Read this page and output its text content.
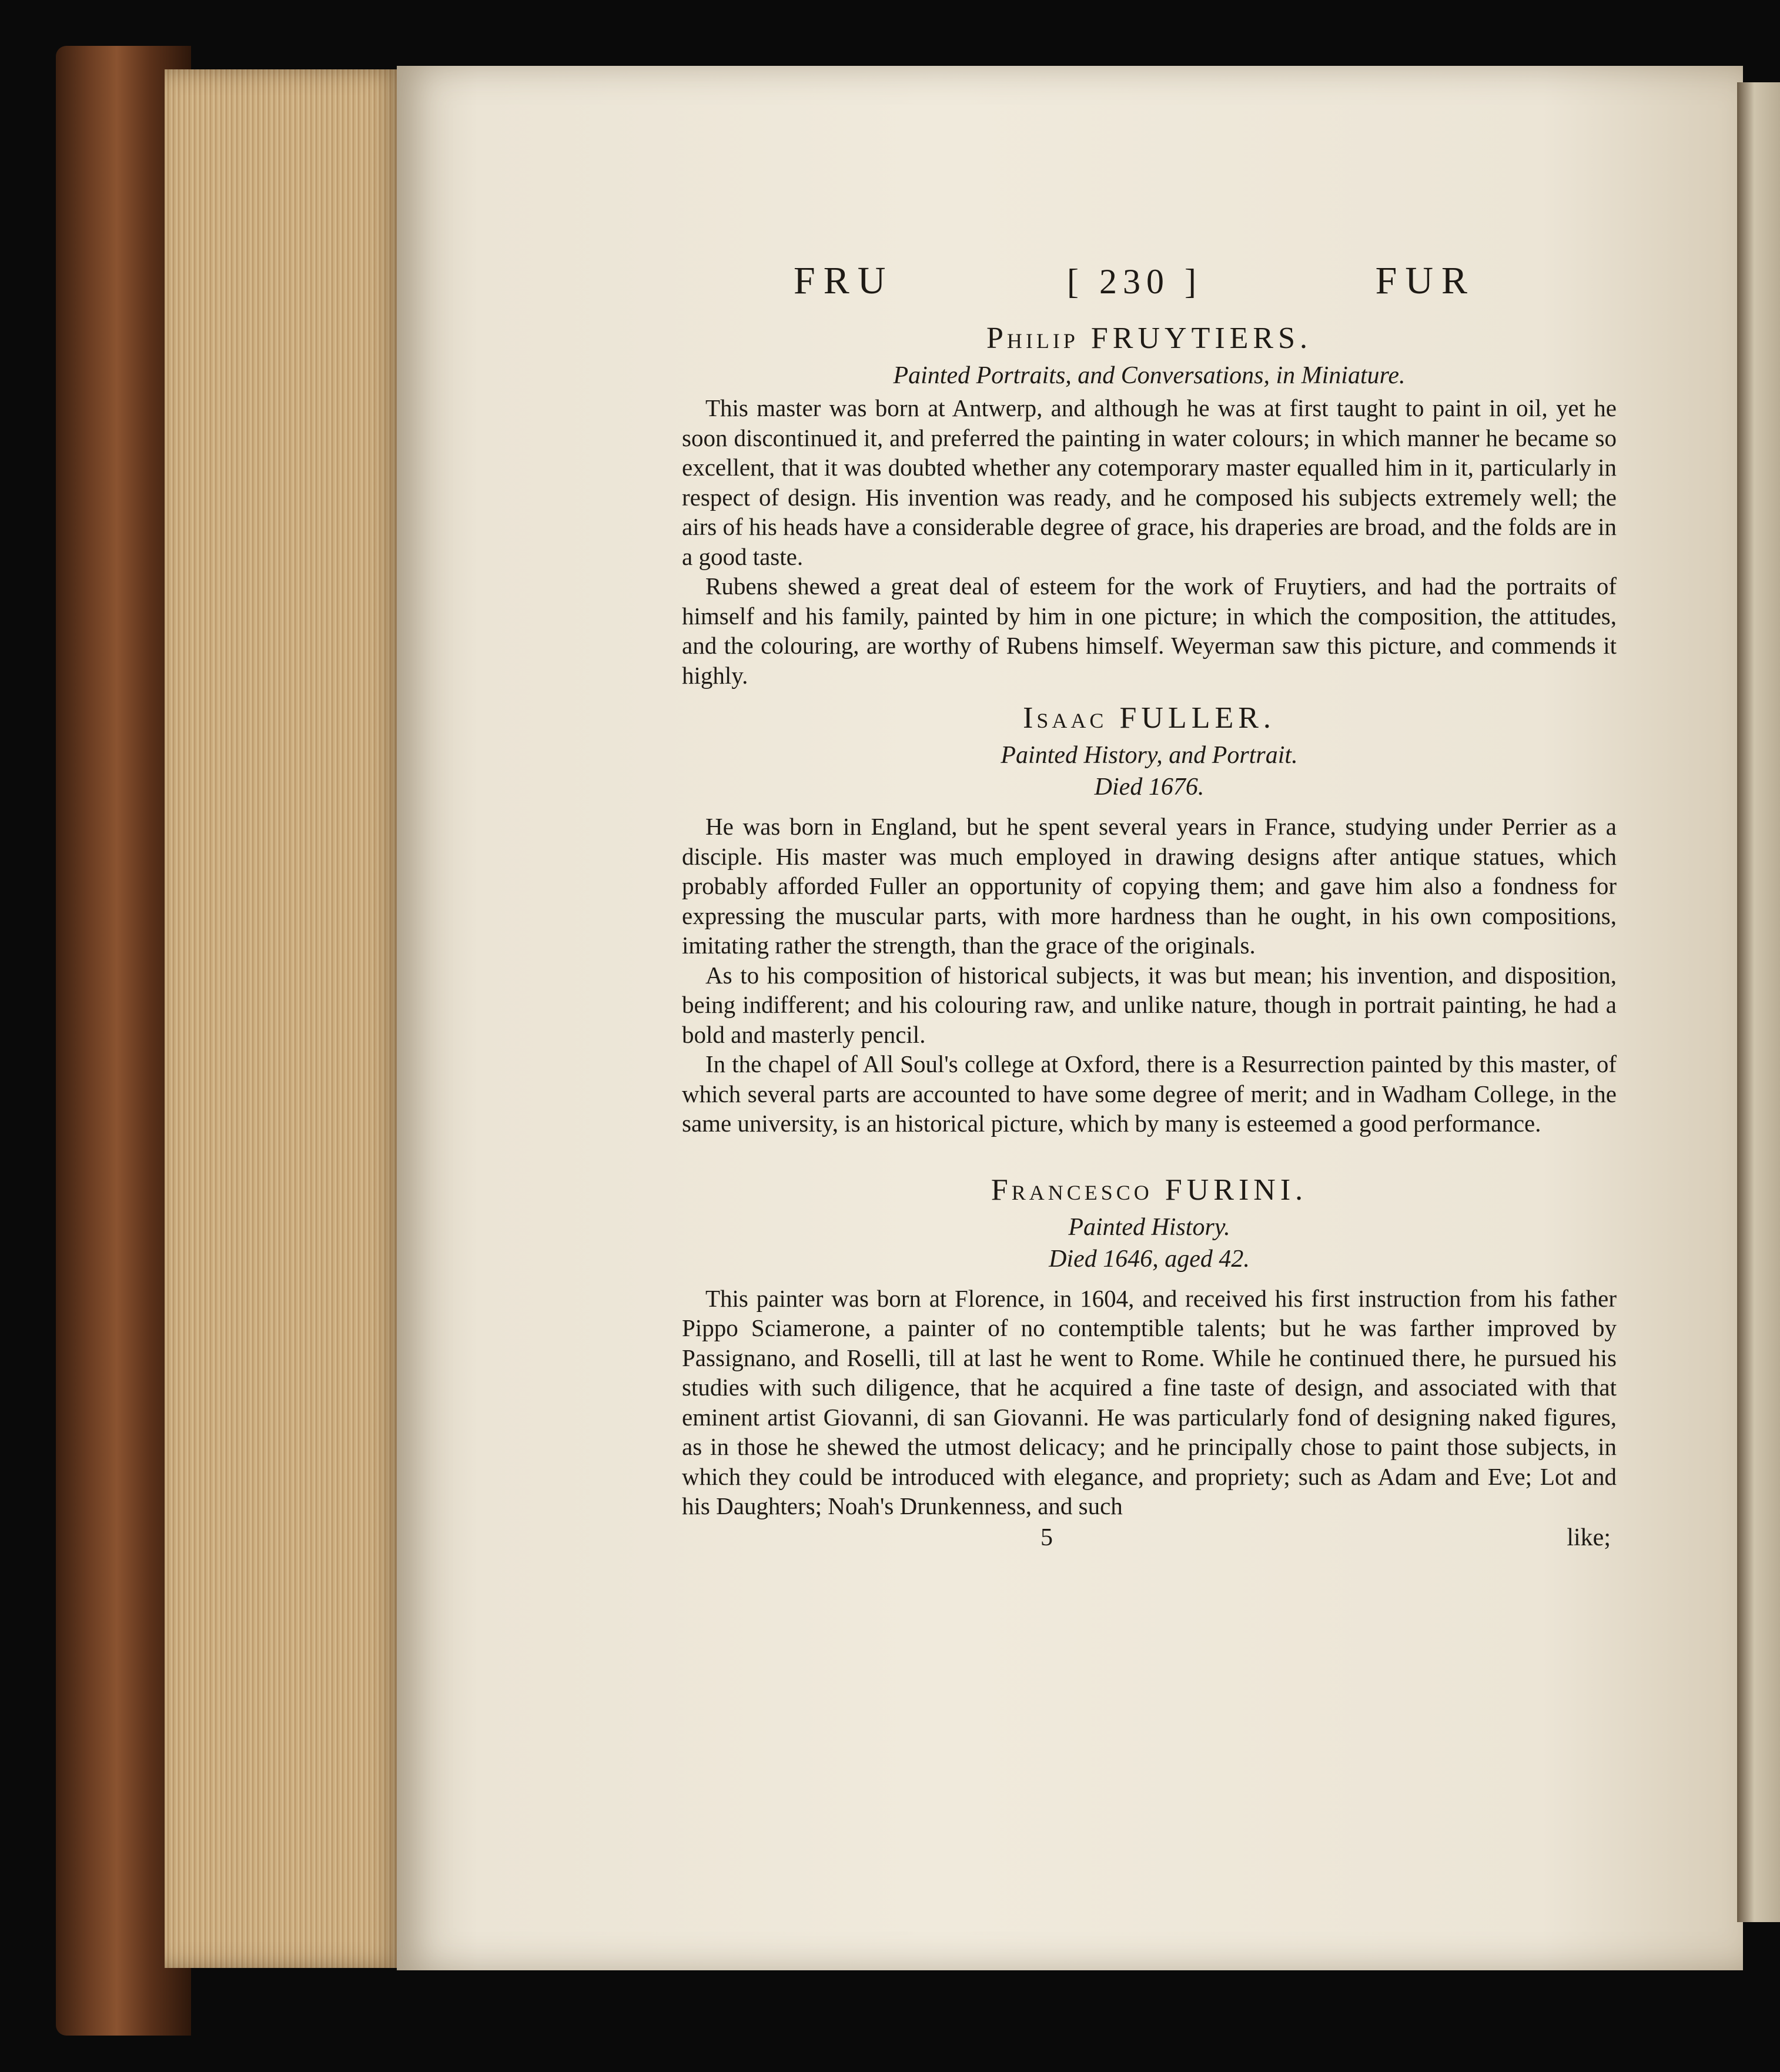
FRU	[ 230 ]	FUR
Philip FRUYTIERS.
Painted Portraits, and Conversations, in Miniature.

This master was born at Antwerp, and although he was at first taught to paint in oil, yet he soon discontinued it, and preferred the painting in water colours; in which manner he became so excellent, that it was doubted whether any cotemporary master equalled him in it, particularly in respect of design. His invention was ready, and he composed his subjects extremely well; the airs of his heads have a considerable degree of grace, his draperies are broad, and the folds are in a good taste.

Rubens shewed a great deal of esteem for the work of Fruytiers, and had the portraits of himself and his family, painted by him in one picture; in which the composition, the attitudes, and the colouring, are worthy of Rubens himself. Weyerman saw this picture, and commends it highly.

Isaac FULLER.
Painted History, and Portrait.
Died 1676.

He was born in England, but he spent several years in France, studying under Perrier as a disciple. His master was much employed in drawing designs after antique statues, which probably afforded Fuller an opportunity of copying them; and gave him also a fondness for expressing the muscular parts, with more hardness than he ought, in his own compositions, imitating rather the strength, than the grace of the originals.

As to his composition of historical subjects, it was but mean; his invention, and disposition, being indifferent; and his colouring raw, and unlike nature, though in portrait painting, he had a bold and masterly pencil.

In the chapel of All Soul's college at Oxford, there is a Resurrection painted by this master, of which several parts are accounted to have some degree of merit; and in Wadham College, in the same university, is an historical picture, which by many is esteemed a good performance.

Francesco FURINI.
Painted History.
Died 1646, aged 42.

This painter was born at Florence, in 1604, and received his first instruction from his father Pippo Sciamerone, a painter of no contemptible talents; but he was farther improved by Passignano, and Roselli, till at last he went to Rome. While he continued there, he pursued his studies with such diligence, that he acquired a fine taste of design, and associated with that eminent artist Giovanni, di san Giovanni. He was particularly fond of designing naked figures, as in those he shewed the utmost delicacy; and he principally chose to paint those subjects, in which they could be introduced with elegance, and propriety; such as Adam and Eve; Lot and his Daughters; Noah's Drunkenness, and such

5	like;
